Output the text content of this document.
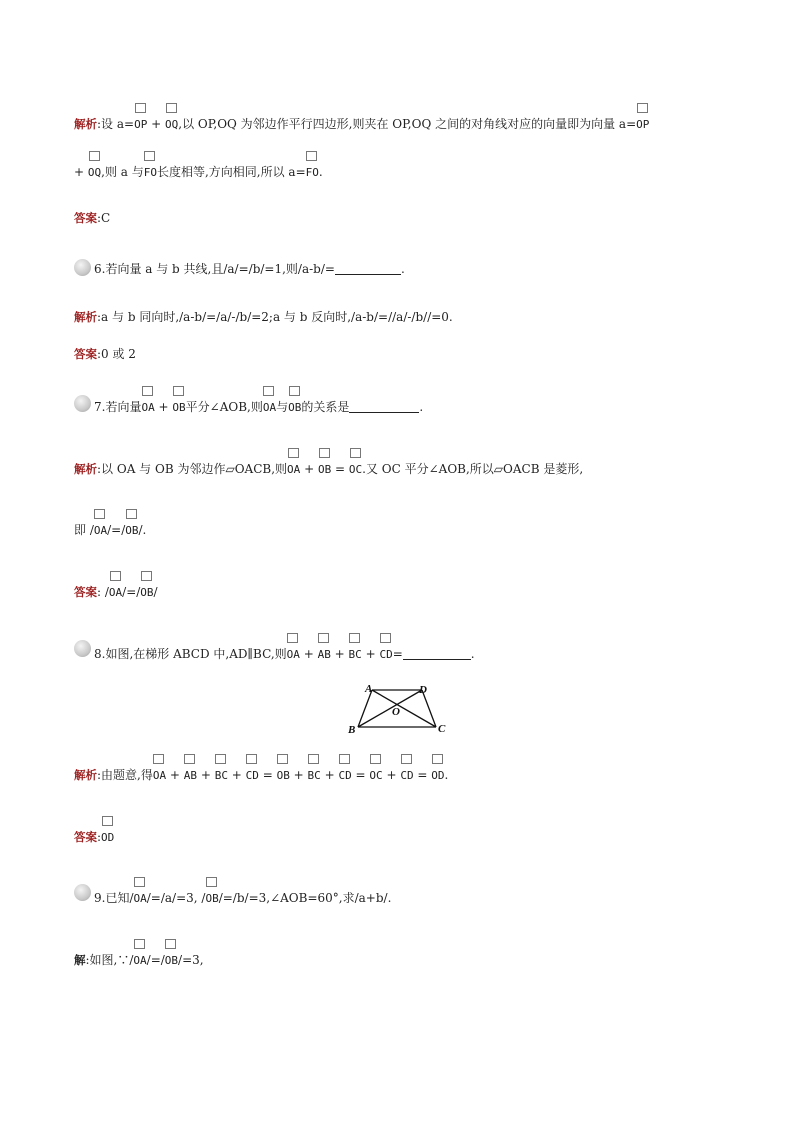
解析:设 a=OP + OQ,以 OP,OQ 为邻边作平行四边形,则夹在 OP,OQ 之间的对角线对应的向量即为向量 a=OP
+ OQ,则 a 与FO长度相等,方向相同,所以 a=FO.
答案:C
6.若向量 a 与 b 共线,且/a/=/b/=1,则/a-b/=	.
解析:a 与 b 同向时,/a-b/=/a/-/b/=2;a 与 b 反向时,/a-b/=//a/-/b//=0.
答案:0 或 2
7.若向量OA + OB平分∠AOB,则OA与OB的关系是	.
解析:以 OA 与 OB 为邻边作▱OACB,则OA + OB = OC.又 OC 平分∠AOB,所以▱OACB 是菱形,
即 /OA/=/OB/.
答案: /OA/=/OB/
8.如图,在梯形 ABCD 中,AD∥BC,则OA + AB + BC + CD=	.
A	D
O
B	C
解析:由题意,得OA + AB + BC + CD = OB + BC + CD = OC + CD = OD.
答案:OD
9.已知/OA/=/a/=3, /OB/=/b/=3,∠AOB=60°,求/a+b/.
解:如图,∵/OA/=/OB/=3,
